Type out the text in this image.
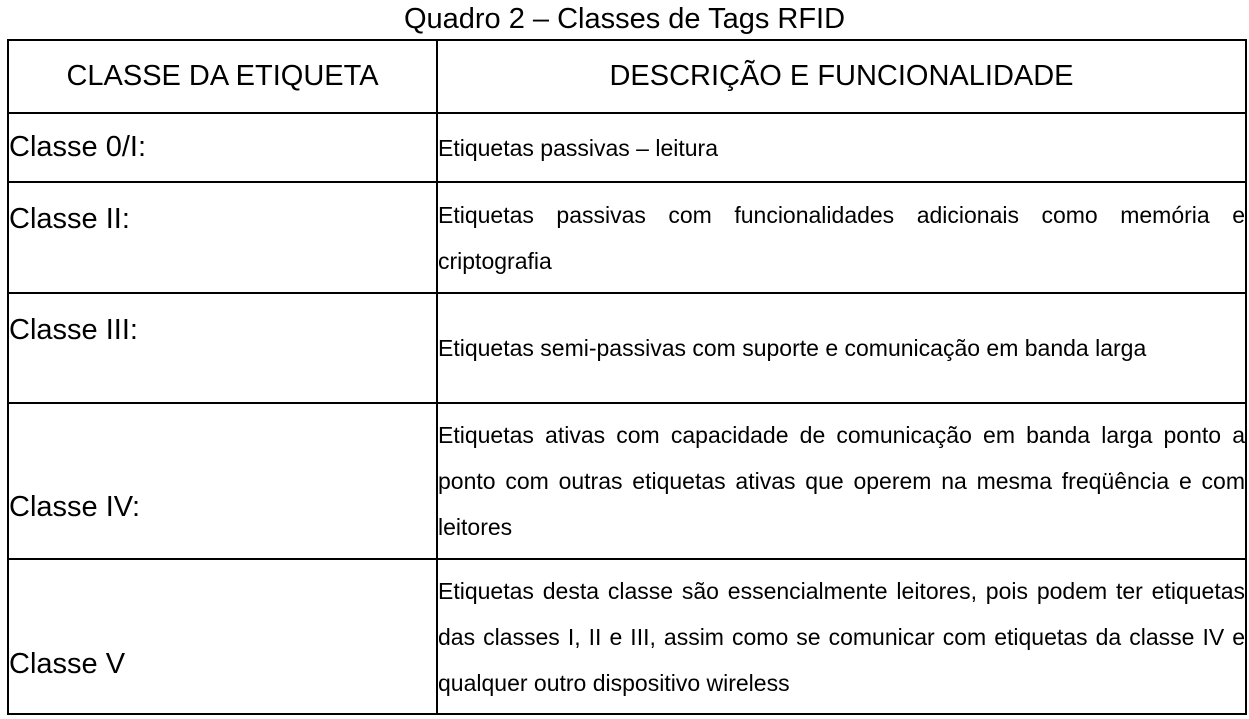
Quadro 2 – Classes de Tags RFID
CLASSE DA ETIQUETA	DESCRIÇÃO E FUNCIONALIDADE
Classe 0/I:	Etiquetas passivas – leitura
Classe II:	Etiquetas passivas com funcionalidades adicionais como memória e criptografia
Classe III:	Etiquetas semi-passivas com suporte e comunicação em banda larga
Classe IV:	Etiquetas ativas com capacidade de comunicação em banda larga ponto a ponto com outras etiquetas ativas que operem na mesma freqüência e com leitores
Classe V	Etiquetas desta classe são essencialmente leitores, pois podem ter etiquetas das classes I, II e III, assim como se comunicar com etiquetas da classe IV e qualquer outro dispositivo wireless
